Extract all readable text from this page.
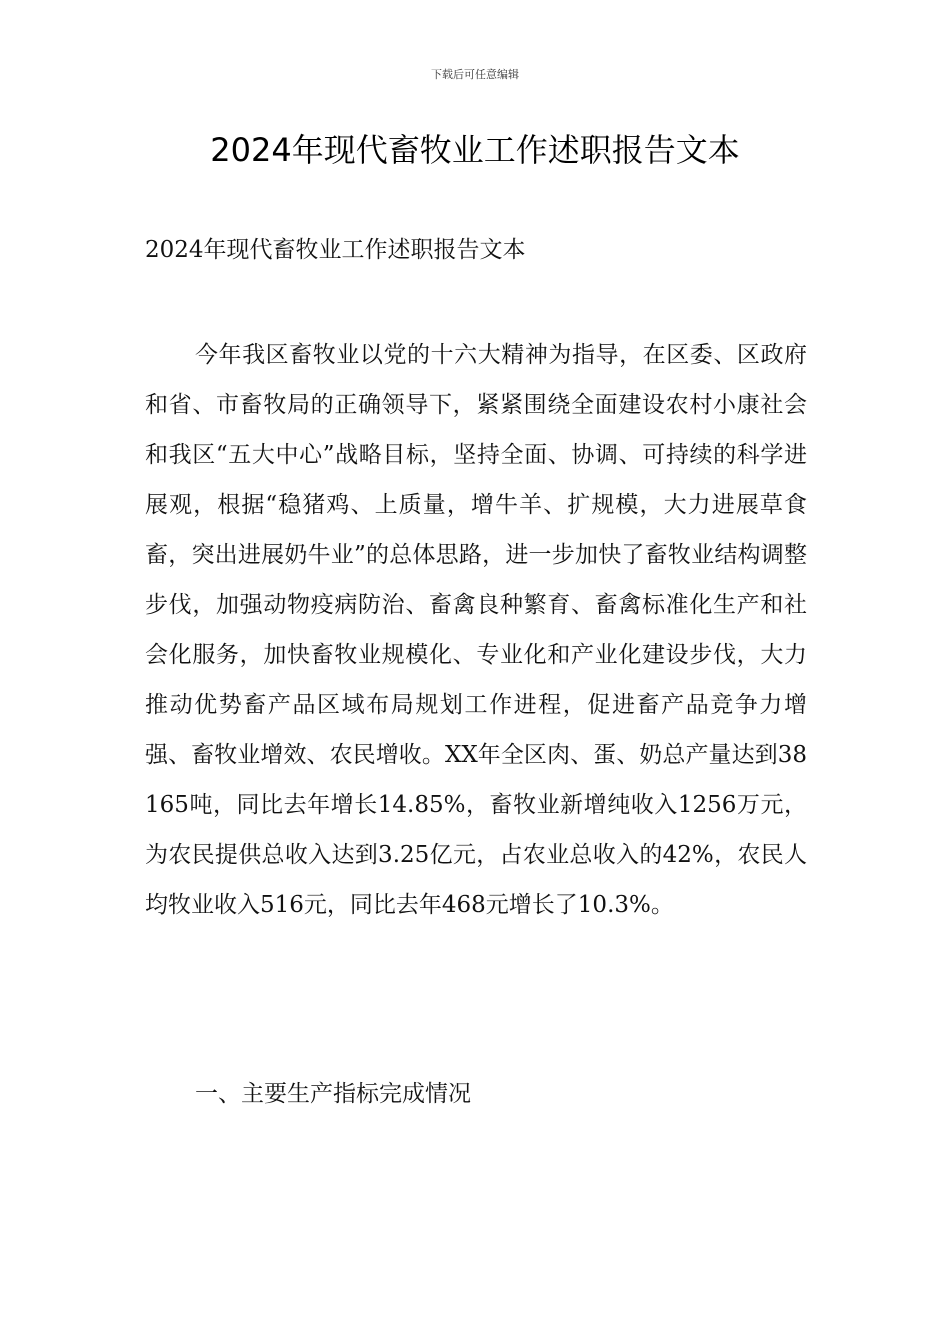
下载后可任意编辑
2024年现代畜牧业工作述职报告文本

2024年现代畜牧业工作述职报告文本

今年我区畜牧业以党的十六大精神为指导，在区委、区政府和省、市畜牧局的正确领导下，紧紧围绕全面建设农村小康社会和我区“五大中心”战略目标，坚持全面、协调、可持续的科学进展观，根据“稳猪鸡、上质量，增牛羊、扩规模，大力进展草食畜，突出进展奶牛业”的总体思路，进一步加快了畜牧业结构调整步伐，加强动物疫病防治、畜禽良种繁育、畜禽标准化生产和社会化服务，加快畜牧业规模化、专业化和产业化建设步伐，大力推动优势畜产品区域布局规划工作进程，促进畜产品竞争力增强、畜牧业增效、农民增收。XX年全区肉、蛋、奶总产量达到38165吨，同比去年增长14.85%，畜牧业新增纯收入1256万元，为农民提供总收入达到3.25亿元，占农业总收入的42%，农民人均牧业收入516元，同比去年468元增长了10.3%。

一、主要生产指标完成情况
